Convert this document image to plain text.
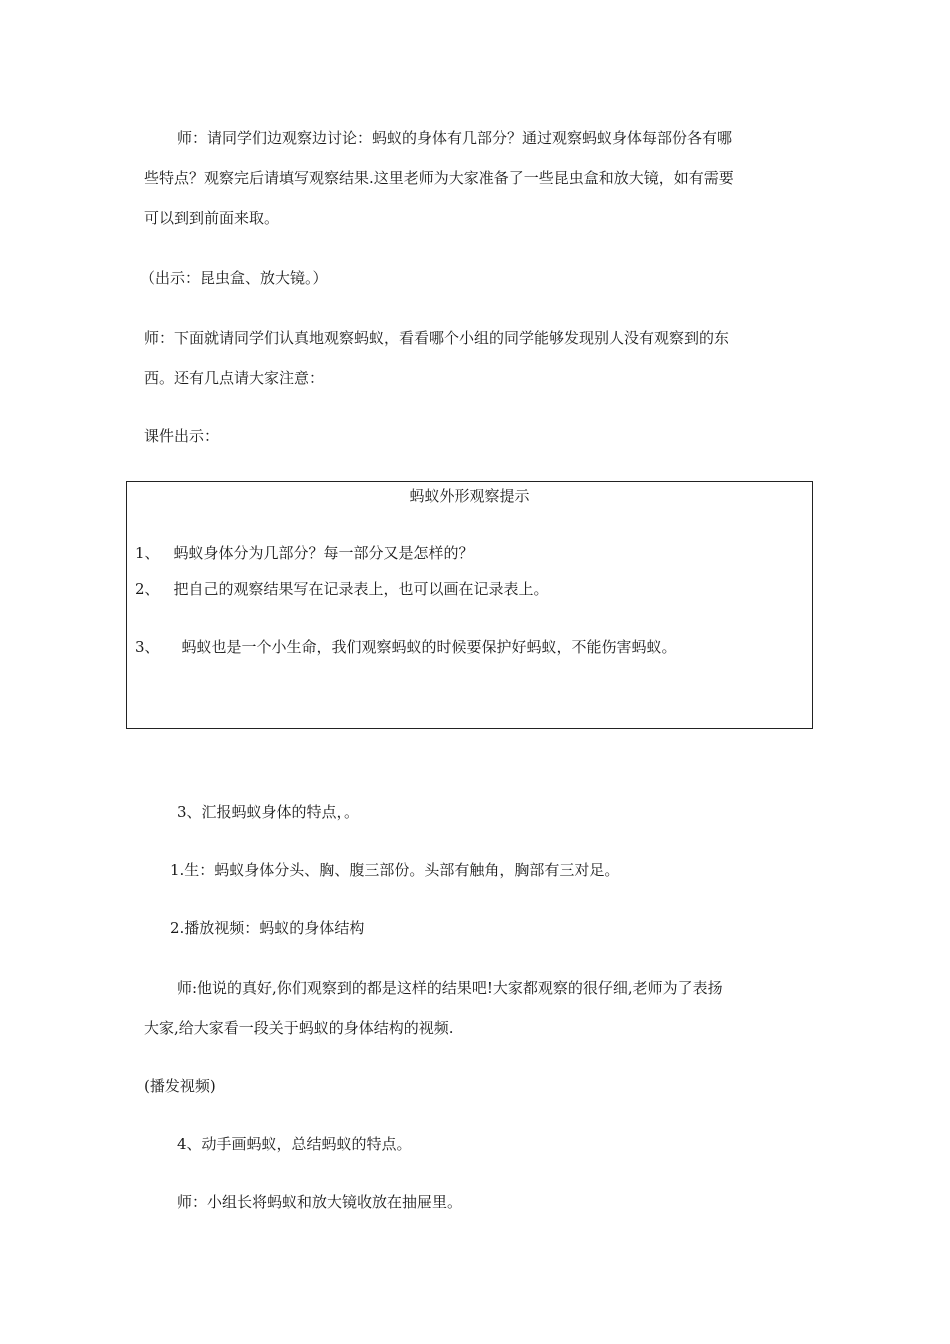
师：请同学们边观察边讨论：蚂蚁的身体有几部分？通过观察蚂蚁身体每部份各有哪
些特点？观察完后请填写观察结果.这里老师为大家准备了一些昆虫盒和放大镜，如有需要
可以到到前面来取。
（出示：昆虫盒、放大镜。）
师：下面就请同学们认真地观察蚂蚁，看看哪个小组的同学能够发现别人没有观察到的东
西。还有几点请大家注意：
课件出示：
蚂蚁外形观察提示
1、 蚂蚁身体分为几部分？每一部分又是怎样的？
2、 把自己的观察结果写在记录表上，也可以画在记录表上。
3、 蚂蚁也是一个小生命，我们观察蚂蚁的时候要保护好蚂蚁，不能伤害蚂蚁。
3、汇报蚂蚁身体的特点，。
1.生：蚂蚁身体分头、胸、腹三部份。头部有触角，胸部有三对足。
2.播放视频：蚂蚁的身体结构
师:他说的真好,你们观察到的都是这样的结果吧!大家都观察的很仔细,老师为了表扬
大家,给大家看一段关于蚂蚁的身体结构的视频.
(播发视频)
4、动手画蚂蚁，总结蚂蚁的特点。
师：小组长将蚂蚁和放大镜收放在抽屉里。
